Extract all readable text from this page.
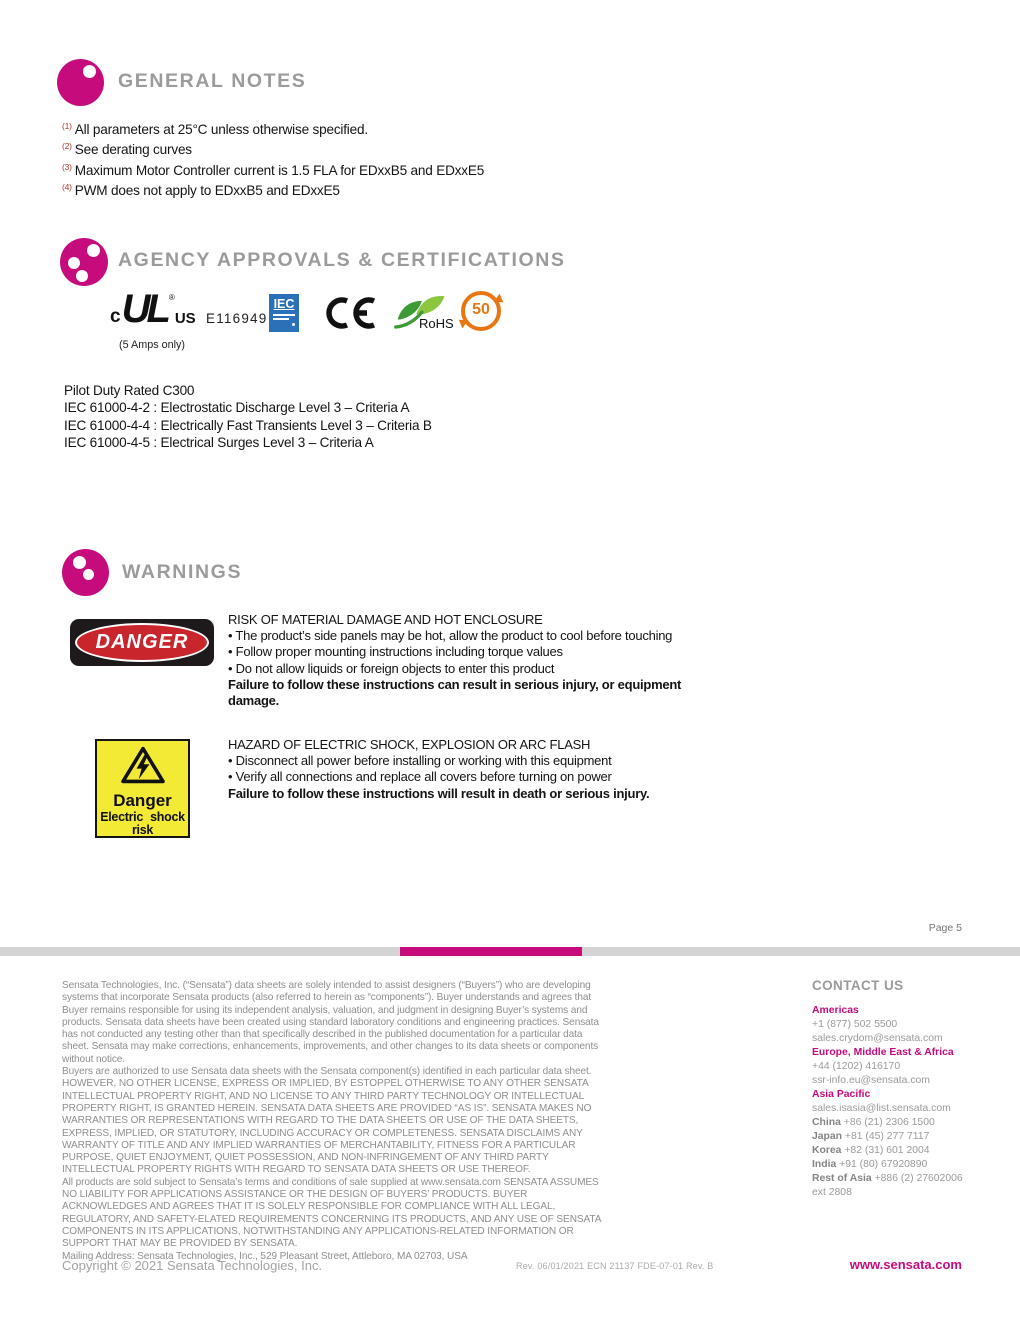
GENERAL NOTES
$^{(1)}$ All parameters at 25°C unless otherwise specified.
$^{(2)}$ See derating curves
$^{(3)}$ Maximum Motor Controller current is 1.5 FLA for EDxxB5 and EDxxE5
$^{(4)}$ PWM does not apply to EDxxB5 and EDxxE5
AGENCY APPROVALS & CERTIFICATIONS
c UL ®
US E116949
(5 Amps only)
IEC
RoHS
50
Pilot Duty Rated C300
IEC 61000-4-2 : Electrostatic Discharge Level 3 – Criteria A
IEC 61000-4-4 : Electrically Fast Transients Level 3 – Criteria B
IEC 61000-4-5 : Electrical Surges Level 3 – Criteria A
WARNINGS
DANGER
RISK OF MATERIAL DAMAGE AND HOT ENCLOSURE
• The product’s side panels may be hot, allow the product to cool before touching
• Follow proper mounting instructions including torque values
• Do not allow liquids or foreign objects to enter this product
Failure to follow these instructions can result in serious injury, or equipment damage.
Danger
Electric shock
risk
HAZARD OF ELECTRIC SHOCK, EXPLOSION OR ARC FLASH
• Disconnect all power before installing or working with this equipment
• Verify all connections and replace all covers before turning on power
Failure to follow these instructions will result in death or serious injury.
Page 5

Sensata Technologies, Inc. (“Sensata”) data sheets are solely intended to assist designers (“Buyers”) who are developing systems that incorporate Sensata products (also referred to herein as “components”). Buyer understands and agrees that Buyer remains responsible for using its independent analysis, valuation, and judgment in designing Buyer’s systems and products. Sensata data sheets have been created using standard laboratory conditions and engineering practices. Sensata has not conducted any testing other than that specifically described in the published documentation for a particular data sheet. Sensata may make corrections, enhancements, improvements, and other changes to its data sheets or components without notice.

Buyers are authorized to use Sensata data sheets with the Sensata component(s) identified in each particular data sheet. HOWEVER, NO OTHER LICENSE, EXPRESS OR IMPLIED, BY ESTOPPEL OTHERWISE TO ANY OTHER SENSATA INTELLECTUAL PROPERTY RIGHT, AND NO LICENSE TO ANY THIRD PARTY TECHNOLOGY OR INTELLECTUAL PROPERTY RIGHT, IS GRANTED HEREIN. SENSATA DATA SHEETS ARE PROVIDED “AS IS”. SENSATA MAKES NO WARRANTIES OR REPRESENTATIONS WITH REGARD TO THE DATA SHEETS OR USE OF THE DATA SHEETS, EXPRESS, IMPLIED, OR STATUTORY, INCLUDING ACCURACY OR COMPLETENESS. SENSATA DISCLAIMS ANY WARRANTY OF TITLE AND ANY IMPLIED WARRANTIES OF MERCHANTABILITY, FITNESS FOR A PARTICULAR PURPOSE, QUIET ENJOYMENT, QUIET POSSESSION, AND NON-INFRINGEMENT OF ANY THIRD PARTY INTELLECTUAL PROPERTY RIGHTS WITH REGARD TO SENSATA DATA SHEETS OR USE THEREOF.

All products are sold subject to Sensata’s terms and conditions of sale supplied at www.sensata.com SENSATA ASSUMES NO LIABILITY FOR APPLICATIONS ASSISTANCE OR THE DESIGN OF BUYERS’ PRODUCTS. BUYER ACKNOWLEDGES AND AGREES THAT IT IS SOLELY RESPONSIBLE FOR COMPLIANCE WITH ALL LEGAL, REGULATORY, AND SAFETY-ELATED REQUIREMENTS CONCERNING ITS PRODUCTS, AND ANY USE OF SENSATA COMPONENTS IN ITS APPLICATIONS, NOTWITHSTANDING ANY APPLICATIONS-RELATED INFORMATION OR SUPPORT THAT MAY BE PROVIDED BY SENSATA.

Mailing Address: Sensata Technologies, Inc., 529 Pleasant Street, Attleboro, MA 02703, USA

CONTACT US
Americas
+1 (877) 502 5500
sales.crydom@sensata.com
Europe, Middle East & Africa
+44 (1202) 416170
ssr-info.eu@sensata.com
Asia Pacific
sales.isasia@list.sensata.com
China +86 (21) 2306 1500
Japan +81 (45) 277 7117
Korea +82 (31) 601 2004
India +91 (80) 67920890
Rest of Asia +886 (2) 27602006
ext 2808
Copyright © 2021 Sensata Technologies, Inc.	Rev. 06/01/2021 ECN 21137 FDE-07-01 Rev. B	www.sensata.com
